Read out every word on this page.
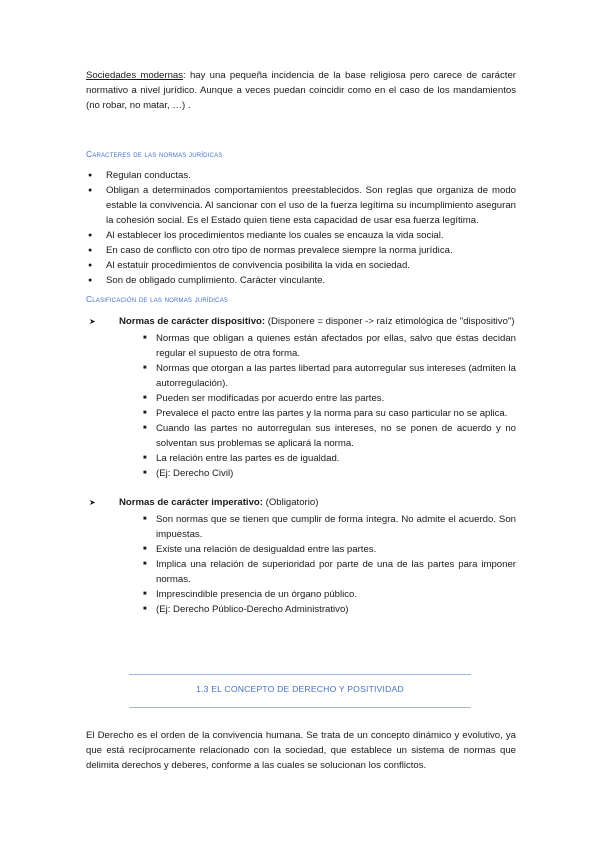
Sociedades modernas: hay una pequeña incidencia de la base religiosa pero carece de carácter normativo a nivel jurídico. Aunque a veces puedan coincidir como en el caso de los mandamientos (no robar, no matar, …) .

Caracteres de las normas jurídicas
● Regulan conductas.
● Obligan a determinados comportamientos preestablecidos. Son reglas que organiza de modo estable la convivencia. Al sancionar con el uso de la fuerza legítima su incumplimiento aseguran la cohesión social. Es el Estado quien tiene esta capacidad de usar esa fuerza legítima.
● Al establecer los procedimientos mediante los cuales se encauza la vida social.
● En caso de conflicto con otro tipo de normas prevalece siempre la norma jurídica.
● Al estatuir procedimientos de convivencia posibilita la vida en sociedad.
● Son de obligado cumplimiento. Carácter vinculante.
Clasificación de las normas jurídicas
➤ Normas de carácter dispositivo: (Disponere = disponer -> raíz etimológica de "dispositivo")

■ Normas que obligan a quienes están afectados por ellas, salvo que éstas decidan regular el supuesto de otra forma.
■ Normas que otorgan a las partes libertad para autorregular sus intereses (admiten la autorregulación).
■ Pueden ser modificadas por acuerdo entre las partes.
■ Prevalece el pacto entre las partes y la norma para su caso particular no se aplica.
■ Cuando las partes no autorregulan sus intereses, no se ponen de acuerdo y no solventan sus problemas se aplicará la norma.
■ La relación entre las partes es de igualdad.
■ (Ej: Derecho Civil)
➤ Normas de carácter imperativo: (Obligatorio)

■ Son normas que se tienen que cumplir de forma íntegra. No admite el acuerdo. Son impuestas.
■ Existe una relación de desigualdad entre las partes.
■ Implica una relación de superioridad por parte de una de las partes para imponer normas.
■ Imprescindible presencia de un órgano público.
■ (Ej: Derecho Público-Derecho Administrativo)
1.3 EL CONCEPTO DE DERECHO Y POSITIVIDAD

El Derecho es el orden de la convivencia humana. Se trata de un concepto dinámico y evolutivo, ya que está recíprocamente relacionado con la sociedad, que establece un sistema de normas que delimita derechos y deberes, conforme a las cuales se solucionan los conflictos.
